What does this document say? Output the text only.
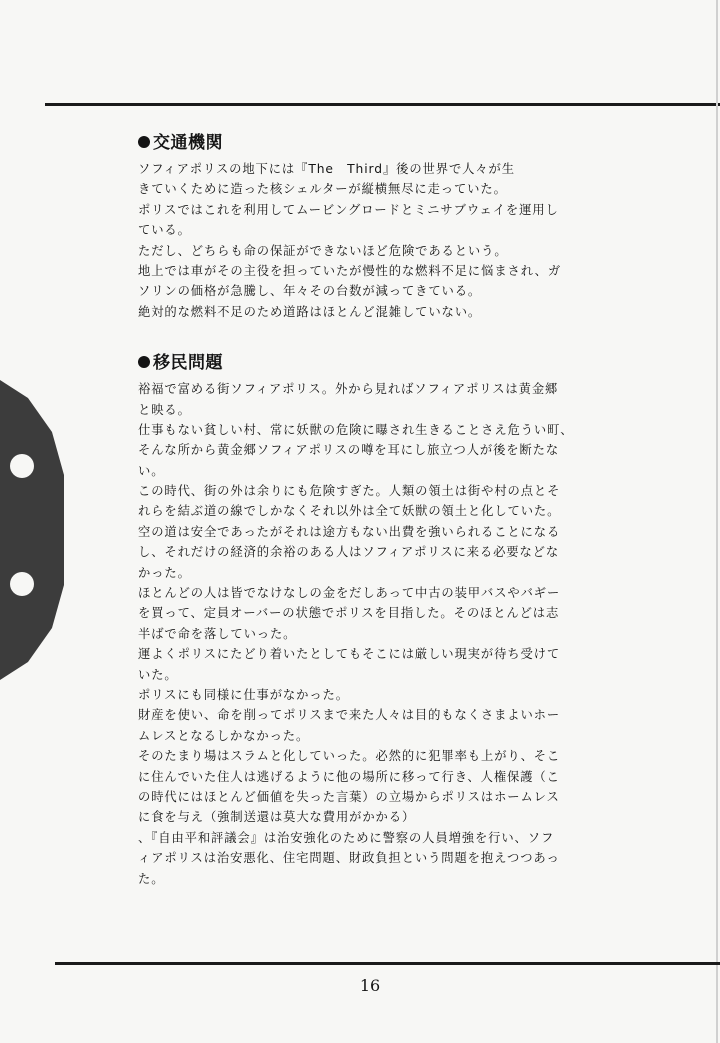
交通機関
ソフィアポリスの地下には『The　Third』後の世界で人々が生
きていくために造った核シェルターが縦横無尽に走っていた。
ポリスではこれを利用してムービングロードとミニサブウェイを運用し
ている。
ただし、どちらも命の保証ができないほど危険であるという。
地上では車がその主役を担っていたが慢性的な燃料不足に悩まされ、ガ
ソリンの価格が急騰し、年々その台数が減ってきている。
絶対的な燃料不足のため道路はほとんど混雑していない。
移民問題
裕福で富める街ソフィアポリス。外から見ればソフィアポリスは黄金郷
と映る。
仕事もない貧しい村、常に妖獣の危険に曝され生きることさえ危うい町、
そんな所から黄金郷ソフィアポリスの噂を耳にし旅立つ人が後を断たな
い。
この時代、街の外は余りにも危険すぎた。人類の領土は街や村の点とそ
れらを結ぶ道の線でしかなくそれ以外は全て妖獣の領土と化していた。
空の道は安全であったがそれは途方もない出費を強いられることになる
し、それだけの経済的余裕のある人はソフィアポリスに来る必要などな
かった。
ほとんどの人は皆でなけなしの金をだしあって中古の装甲バスやバギー
を買って、定員オーバーの状態でポリスを目指した。そのほとんどは志
半ばで命を落していった。
運よくポリスにたどり着いたとしてもそこには厳しい現実が待ち受けて
いた。
ポリスにも同様に仕事がなかった。
財産を使い、命を削ってポリスまで来た人々は目的もなくさまよいホー
ムレスとなるしかなかった。
そのたまり場はスラムと化していった。必然的に犯罪率も上がり、そこ
に住んでいた住人は逃げるように他の場所に移って行き、人権保護（こ
の時代にはほとんど価値を失った言葉）の立場からポリスはホームレス
に食を与え（強制送還は莫大な費用がかかる）
、『自由平和評議会』は治安強化のために警察の人員増強を行い、ソフ
ィアポリスは治安悪化、住宅問題、財政負担という問題を抱えつつあっ
た。
16
